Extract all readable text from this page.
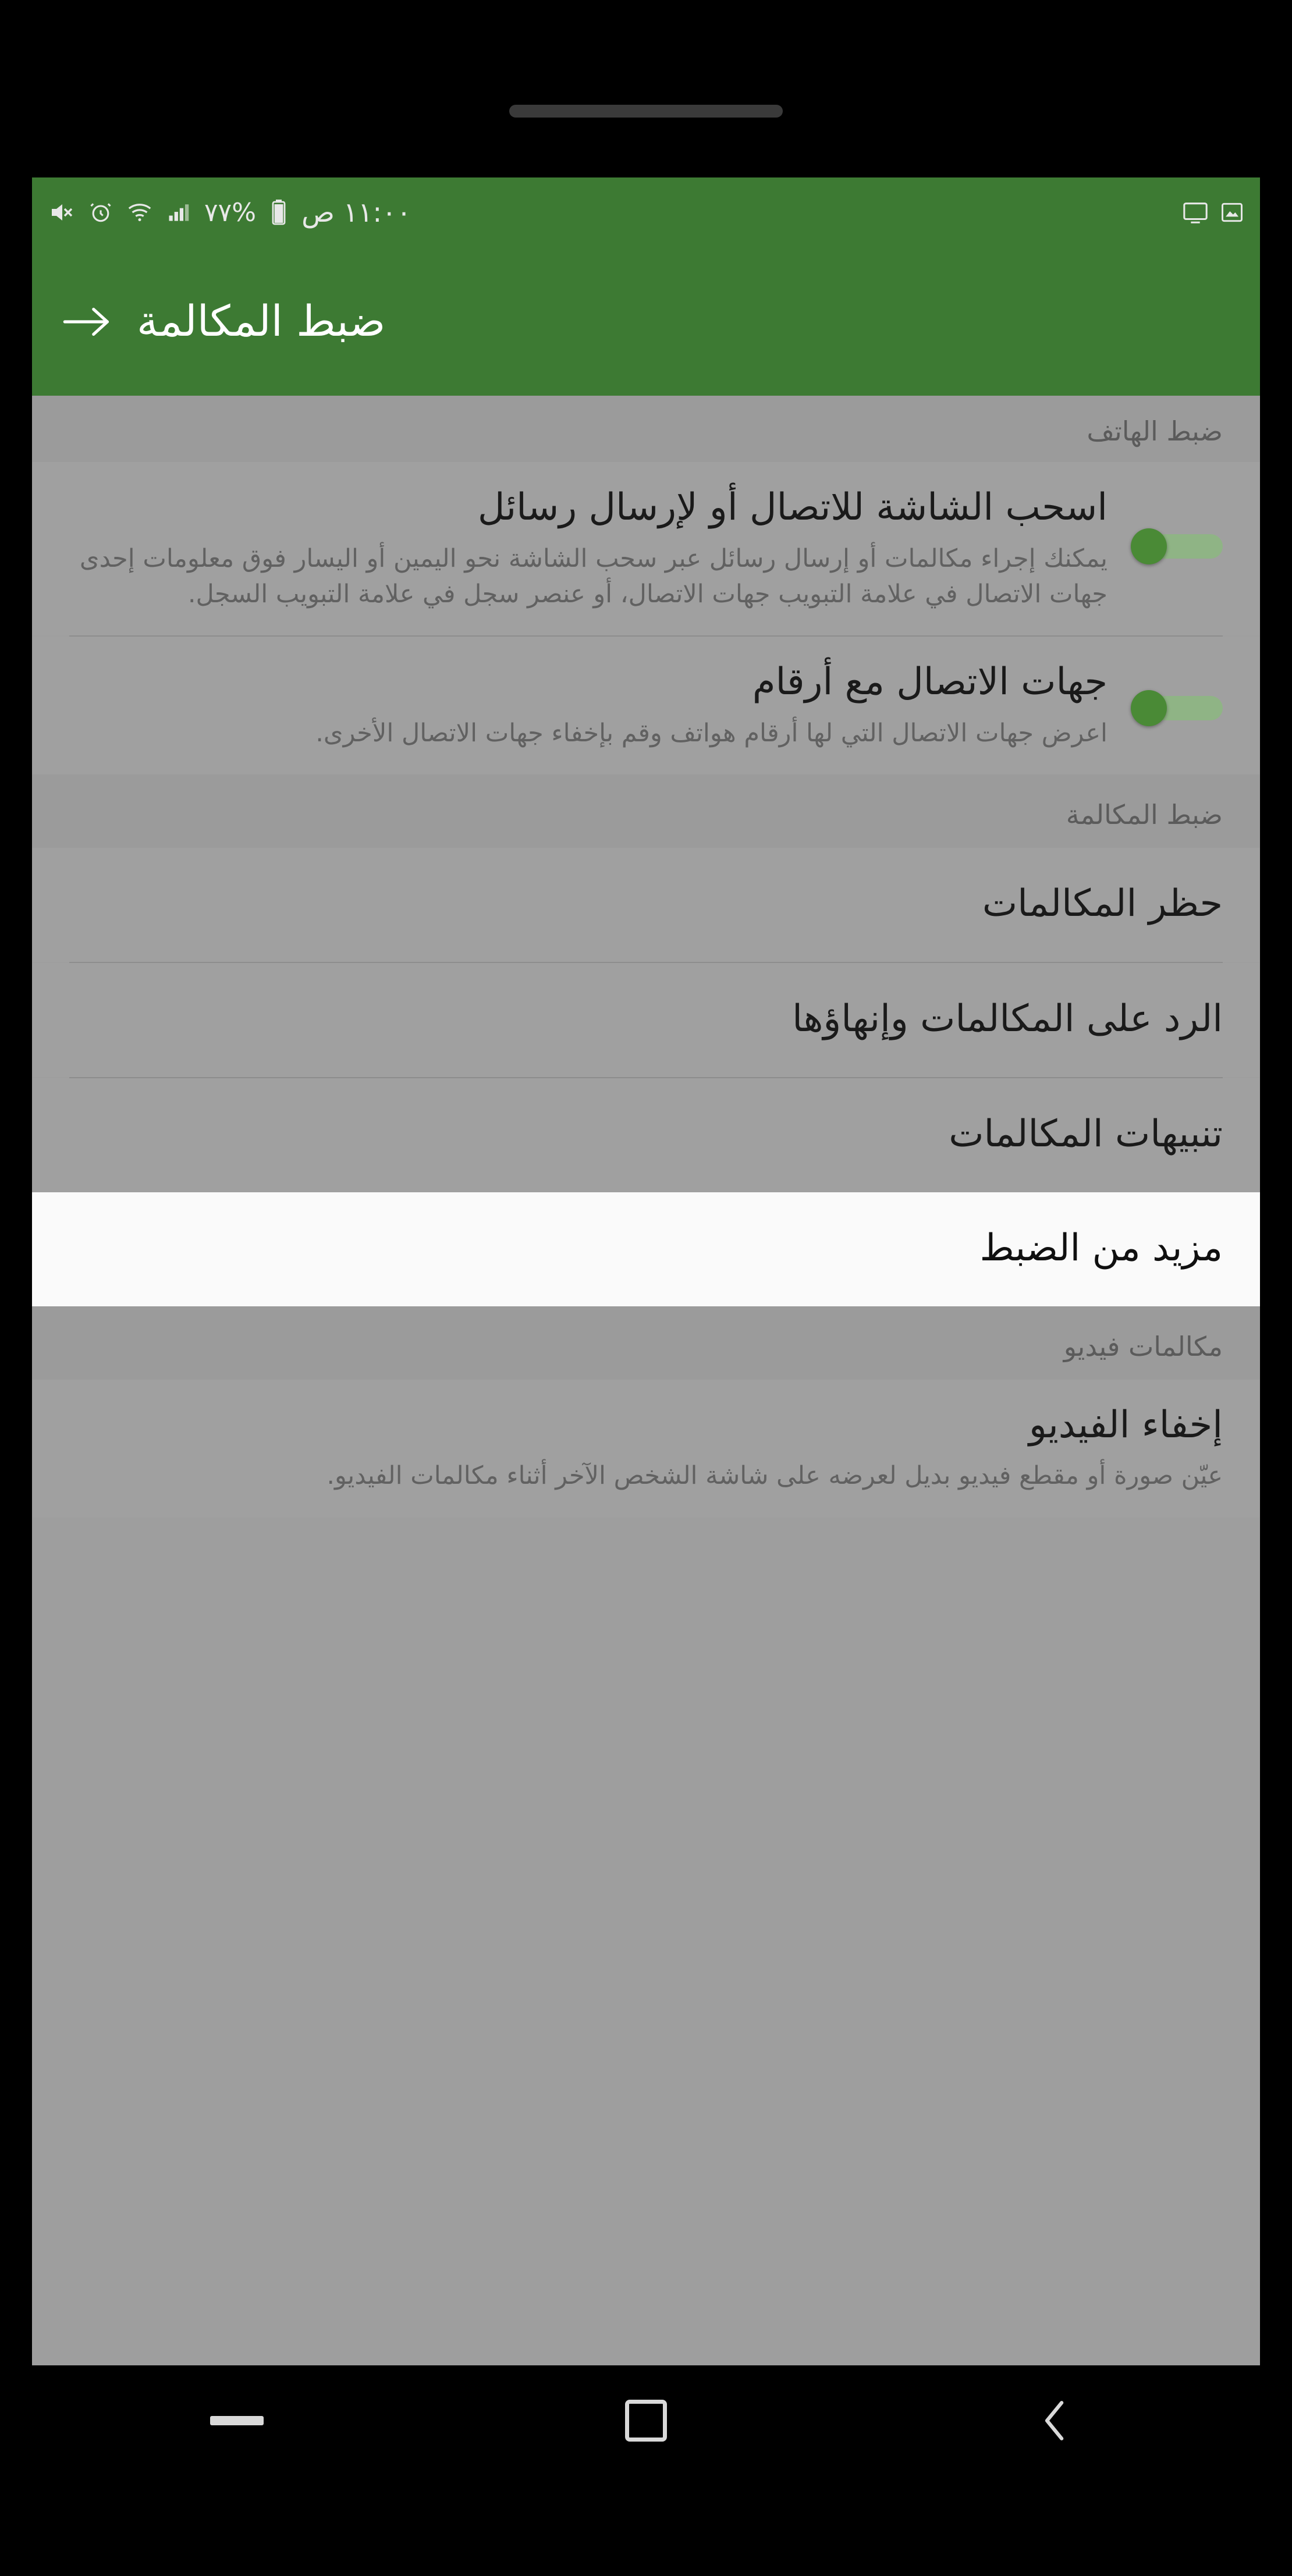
٧٧% ١١:٠٠ ص
ضبط المكالمة
ضبط الهاتف
اسحب الشاشة للاتصال أو لإرسال رسائل
يمكنك إجراء مكالمات أو إرسال رسائل عبر سحب الشاشة نحو اليمين أو اليسار فوق معلومات إحدى جهات الاتصال في علامة التبويب جهات الاتصال، أو عنصر سجل في علامة التبويب السجل.
جهات الاتصال مع أرقام
اعرض جهات الاتصال التي لها أرقام هواتف وقم بإخفاء جهات الاتصال الأخرى.
ضبط المكالمة
حظر المكالمات
الرد على المكالمات وإنهاؤها
تنبيهات المكالمات
مزيد من الضبط
مكالمات فيديو
إخفاء الفيديو
عيّن صورة أو مقطع فيديو بديل لعرضه على شاشة الشخص الآخر أثناء مكالمات الفيديو.
